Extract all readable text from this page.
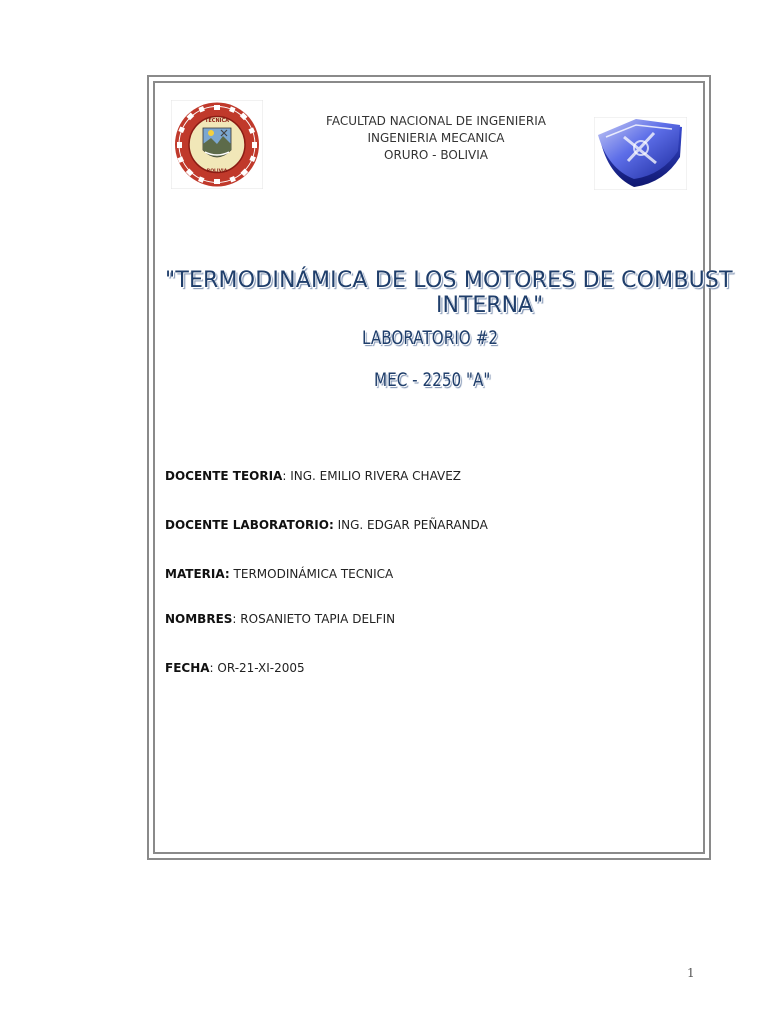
TECNICA
BOLIVIA
FACULTAD NACIONAL DE INGENIERIA
INGENIERIA MECANICA
ORURO - BOLIVIA
"TERMODINÁMICA DE LOS MOTORES DE COMBUST
INTERNA"
LABORATORIO #2
MEC - 2250 "A"
DOCENTE TEORIA: ING. EMILIO RIVERA CHAVEZ
DOCENTE LABORATORIO: ING. EDGAR PEÑARANDA
MATERIA: TERMODINÁMICA TECNICA
NOMBRES: ROSANIETO TAPIA DELFIN
FECHA: OR-21-XI-2005
1
